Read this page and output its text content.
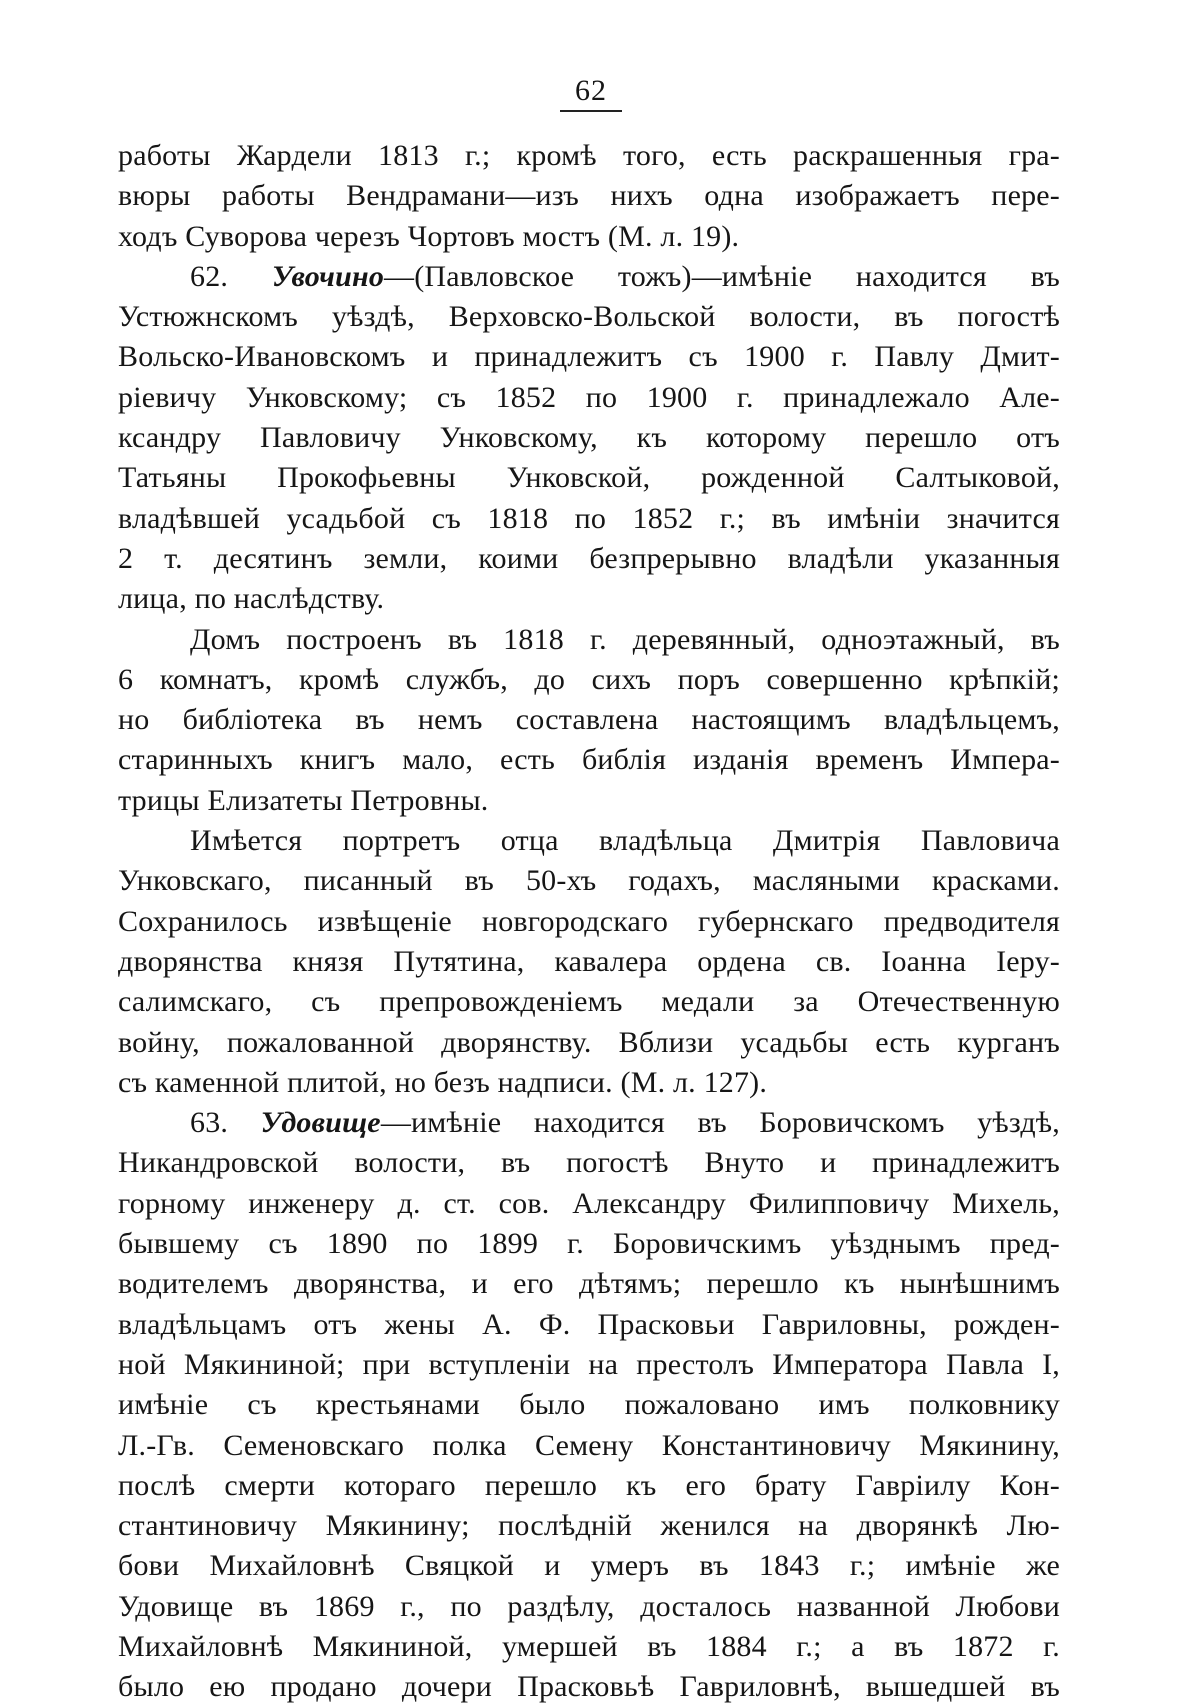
62
работы Жардели 1813 г.; кромѣ того, есть раскрашенныя гра-
вюры работы Вендрамани—изъ нихъ одна изображаетъ пере-
ходъ Суворова черезъ Чортовъ мостъ (М. л. 19).
62. Увочино—(Павловское тожъ)—имѣніе находится въ
Устюжнскомъ уѣздѣ, Верховско-Вольской волости, въ погостѣ
Вольско-Ивановскомъ и принадлежитъ съ 1900 г. Павлу Дмит-
ріевичу Унковскому; съ 1852 по 1900 г. принадлежало Але-
ксандру Павловичу Унковскому, къ которому перешло отъ
Татьяны Прокофьевны Унковской, рожденной Салтыковой,
владѣвшей усадьбой съ 1818 по 1852 г.; въ имѣніи значится
2 т. десятинъ земли, коими безпрерывно владѣли указанныя
лица, по наслѣдству.
Домъ построенъ въ 1818 г. деревянный, одноэтажный, въ
6 комнатъ, кромѣ службъ, до сихъ поръ совершенно крѣпкій;
но библіотека въ немъ составлена настоящимъ владѣльцемъ,
старинныхъ книгъ мало, есть библія изданія временъ Импера-
трицы Елизатеты Петровны.
Имѣется портретъ отца владѣльца Дмитрія Павловича
Унковскаго, писанный въ 50-хъ годахъ, масляными красками.
Сохранилось извѣщеніе новгородскаго губернскаго предводителя
дворянства князя Путятина, кавалера ордена св. Іоанна Іеру-
салимскаго, съ препровожденіемъ медали за Отечественную
войну, пожалованной дворянству. Вблизи усадьбы есть курганъ
съ каменной плитой, но безъ надписи. (М. л. 127).
63. Удовище—имѣніе находится въ Боровичскомъ уѣздѣ,
Никандровской волости, въ погостѣ Внуто и принадлежитъ
горному инженеру д. ст. сов. Александру Филипповичу Михель,
бывшему съ 1890 по 1899 г. Боровичскимъ уѣзднымъ пред-
водителемъ дворянства, и его дѣтямъ; перешло къ нынѣшнимъ
владѣльцамъ отъ жены А. Ф. Прасковьи Гавриловны, рожден-
ной Мякининой; при вступленіи на престолъ Императора Павла I,
имѣніе съ крестьянами было пожаловано имъ полковнику
Л.-Гв. Семеновскаго полка Семену Константиновичу Мякинину,
послѣ смерти котораго перешло къ его брату Гавріилу Кон-
стантиновичу Мякинину; послѣдній женился на дворянкѣ Лю-
бови Михайловнѣ Свяцкой и умеръ въ 1843 г.; имѣніе же
Удовище въ 1869 г., по раздѣлу, досталось названной Любови
Михайловнѣ Мякининой, умершей въ 1884 г.; а въ 1872 г.
было ею продано дочери Прасковьѣ Гавриловнѣ, вышедшей въ
